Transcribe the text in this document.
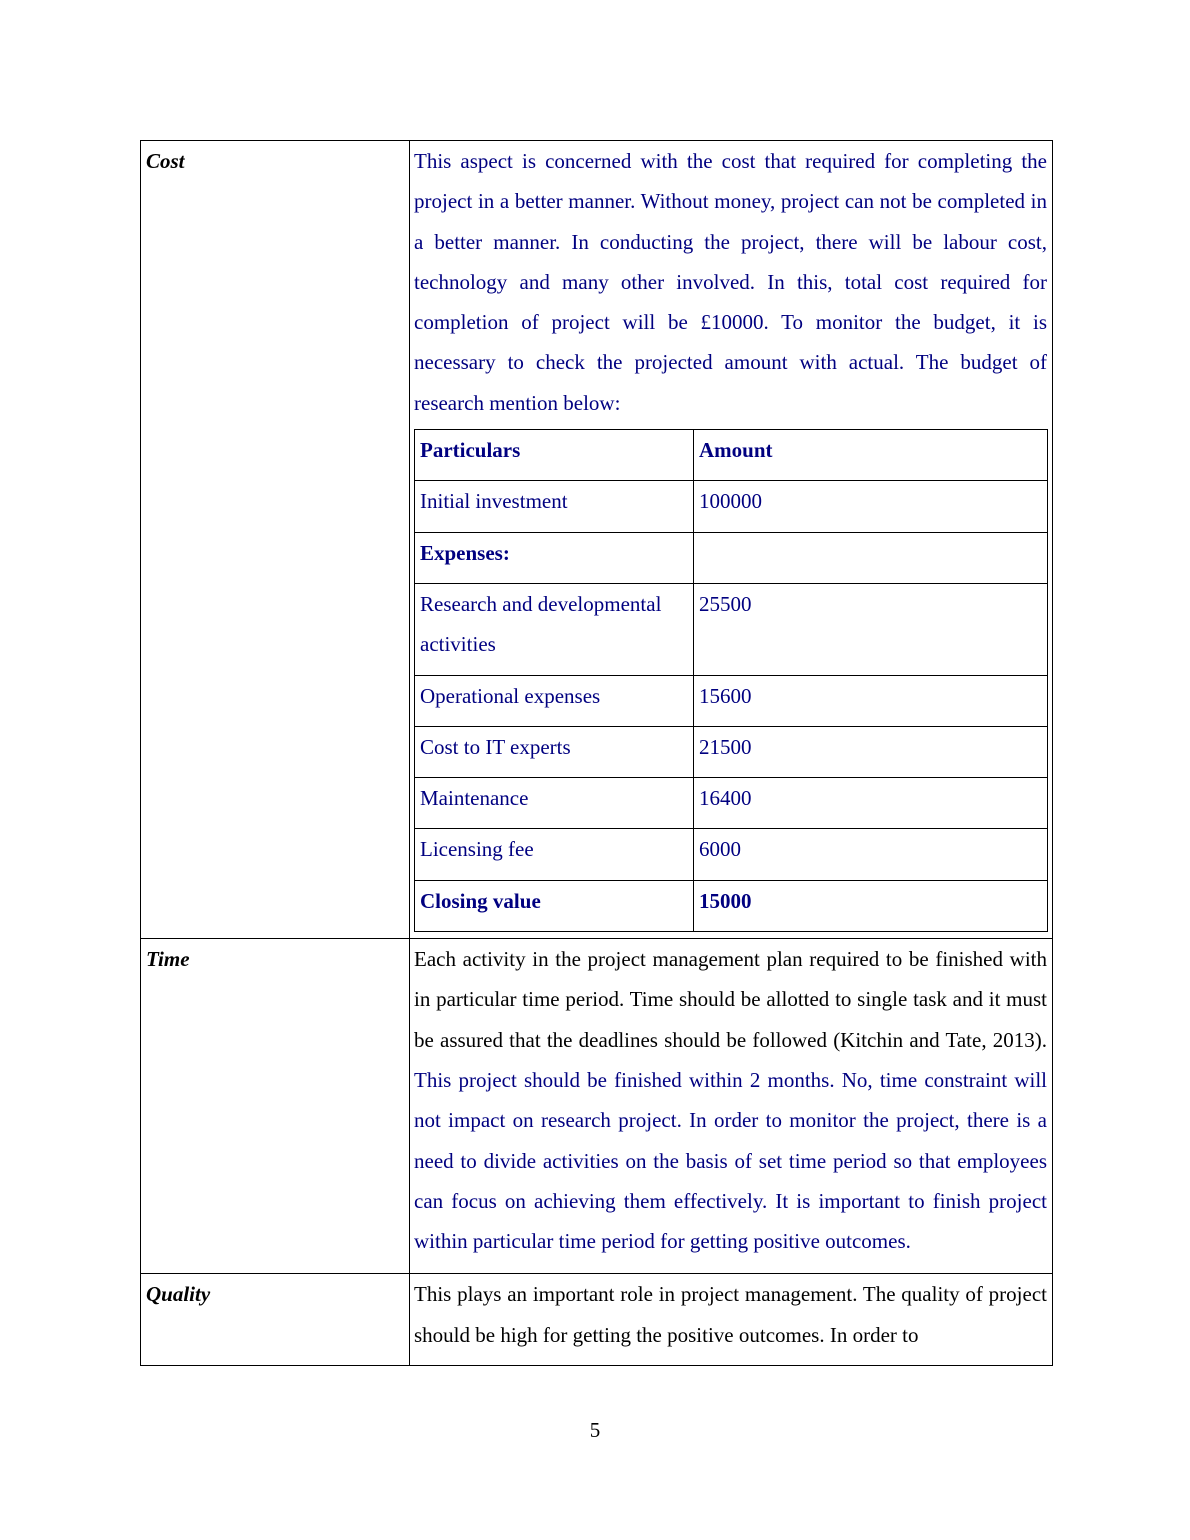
Cost	This aspect is concerned with the cost that required for completing the project in a better manner. Without money, project can not be completed in a better manner. In conducting the project, there will be labour cost, technology and many other involved. In this, total cost required for completion of project will be £10000. To monitor the budget, it is necessary to check the projected amount with actual. The budget of research mention below:
Particulars	Amount
Initial investment	100000
Expenses:	
Research and developmental activities	25500
Operational expenses	15600
Cost to IT experts	21500
Maintenance	16400
Licensing fee	6000
Closing value	15000

Time	Each activity in the project management plan required to be finished with in particular time period. Time should be allotted to single task and it must be assured that the deadlines should be followed (Kitchin and Tate, 2013). This project should be finished within 2 months. No, time constraint will not impact on research project. In order to monitor the project, there is a need to divide activities on the basis of set time period so that employees can focus on achieving them effectively. It is important to finish project within particular time period for getting positive outcomes.

Quality	This plays an important role in project management. The quality of project should be high for getting the positive outcomes. In order to
5
